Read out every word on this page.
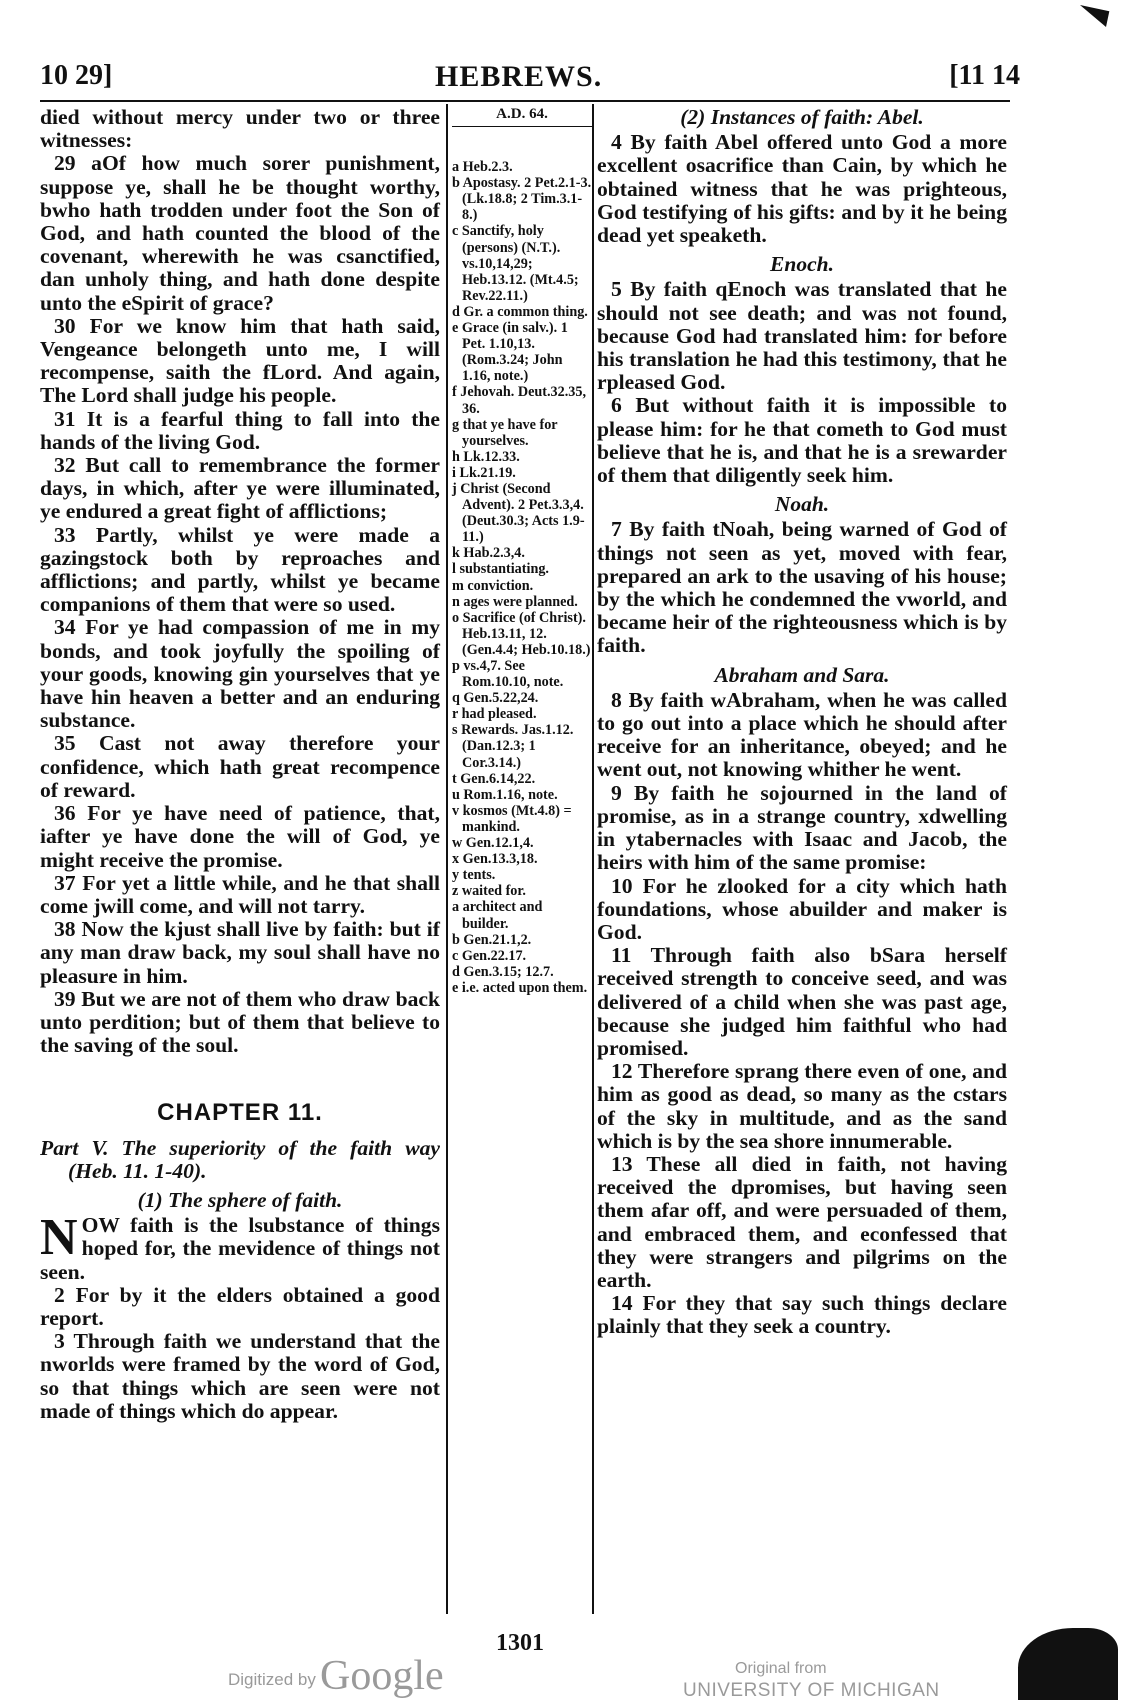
10 29]	HEBREWS.	[11 14

died without mercy under two or three witnesses:

29 aOf how much sorer punishment, suppose ye, shall he be thought worthy, bwho hath trodden under foot the Son of God, and hath counted the blood of the covenant, wherewith he was csanctified, dan unholy thing, and hath done despite unto the eSpirit of grace?

30 For we know him that hath said, Vengeance belongeth unto me, I will recompense, saith the fLord. And again, The Lord shall judge his people.

31 It is a fearful thing to fall into the hands of the living God.

32 But call to remembrance the former days, in which, after ye were illuminated, ye endured a great fight of afflictions;

33 Partly, whilst ye were made a gazingstock both by reproaches and afflictions; and partly, whilst ye became companions of them that were so used.

34 For ye had compassion of me in my bonds, and took joyfully the spoiling of your goods, knowing gin yourselves that ye have hin heaven a better and an enduring substance.

35 Cast not away therefore your confidence, which hath great recompence of reward.

36 For ye have need of patience, that, iafter ye have done the will of God, ye might receive the promise.

37 For yet a little while, and he that shall come jwill come, and will not tarry.

38 Now the kjust shall live by faith: but if any man draw back, my soul shall have no pleasure in him.

39 But we are not of them who draw back unto perdition; but of them that believe to the saving of the soul.

CHAPTER 11.

Part V. The superiority of the faith way (Heb. 11. 1-40).

(1) The sphere of faith.

NOW faith is the lsubstance of things hoped for, the mevidence of things not seen.

2 For by it the elders obtained a good report.

3 Through faith we understand that the nworlds were framed by the word of God, so that things which are seen were not made of things which do appear.

A.D. 64.
a Heb.2.3.
b Apostasy. 2 Pet.2.1-3. (Lk.18.8; 2 Tim.3.1-8.)
c Sanctify, holy (persons) (N.T.). vs.10,14,29; Heb.13.12. (Mt.4.5; Rev.22.11.)
d Gr. a common thing.
e Grace (in salv.). 1 Pet. 1.10,13. (Rom.3.24; John 1.16, note.)
f Jehovah. Deut.32.35, 36.
g that ye have for yourselves.
h Lk.12.33.
i Lk.21.19.
j Christ (Second Advent). 2 Pet.3.3,4. (Deut.30.3; Acts 1.9-11.)
k Hab.2.3,4.
l substantiating.
m conviction.
n ages were planned.
o Sacrifice (of Christ). Heb.13.11, 12. (Gen.4.4; Heb.10.18.)
p vs.4,7. See Rom.10.10, note.
q Gen.5.22,24.
r had pleased.
s Rewards. Jas.1.12. (Dan.12.3; 1 Cor.3.14.)
t Gen.6.14,22.
u Rom.1.16, note.
v kosmos (Mt.4.8) = mankind.
w Gen.12.1,4.
x Gen.13.3,18.
y tents.
z waited for.
a architect and builder.
b Gen.21.1,2.
c Gen.22.17.
d Gen.3.15; 12.7.
e i.e. acted upon them.

(2) Instances of faith: Abel.

4 By faith Abel offered unto God a more excellent osacrifice than Cain, by which he obtained witness that he was prighteous, God testifying of his gifts: and by it he being dead yet speaketh.

Enoch.

5 By faith qEnoch was translated that he should not see death; and was not found, because God had translated him: for before his translation he had this testimony, that he rpleased God.

6 But without faith it is impossible to please him: for he that cometh to God must believe that he is, and that he is a srewarder of them that diligently seek him.

Noah.

7 By faith tNoah, being warned of God of things not seen as yet, moved with fear, prepared an ark to the usaving of his house; by the which he condemned the vworld, and became heir of the righteousness which is by faith.

Abraham and Sara.

8 By faith wAbraham, when he was called to go out into a place which he should after receive for an inheritance, obeyed; and he went out, not knowing whither he went.

9 By faith he sojourned in the land of promise, as in a strange country, xdwelling in ytabernacles with Isaac and Jacob, the heirs with him of the same promise:

10 For he zlooked for a city which hath foundations, whose abuilder and maker is God.

11 Through faith also bSara herself received strength to conceive seed, and was delivered of a child when she was past age, because she judged him faithful who had promised.

12 Therefore sprang there even of one, and him as good as dead, so many as the cstars of the sky in multitude, and as the sand which is by the sea shore innumerable.

13 These all died in faith, not having received the dpromises, but having seen them afar off, and were persuaded of them, and embraced them, and econfessed that they were strangers and pilgrims on the earth.

14 For they that say such things declare plainly that they seek a country.

1301
Digitized by Google	Original from
UNIVERSITY OF MICHIGAN
